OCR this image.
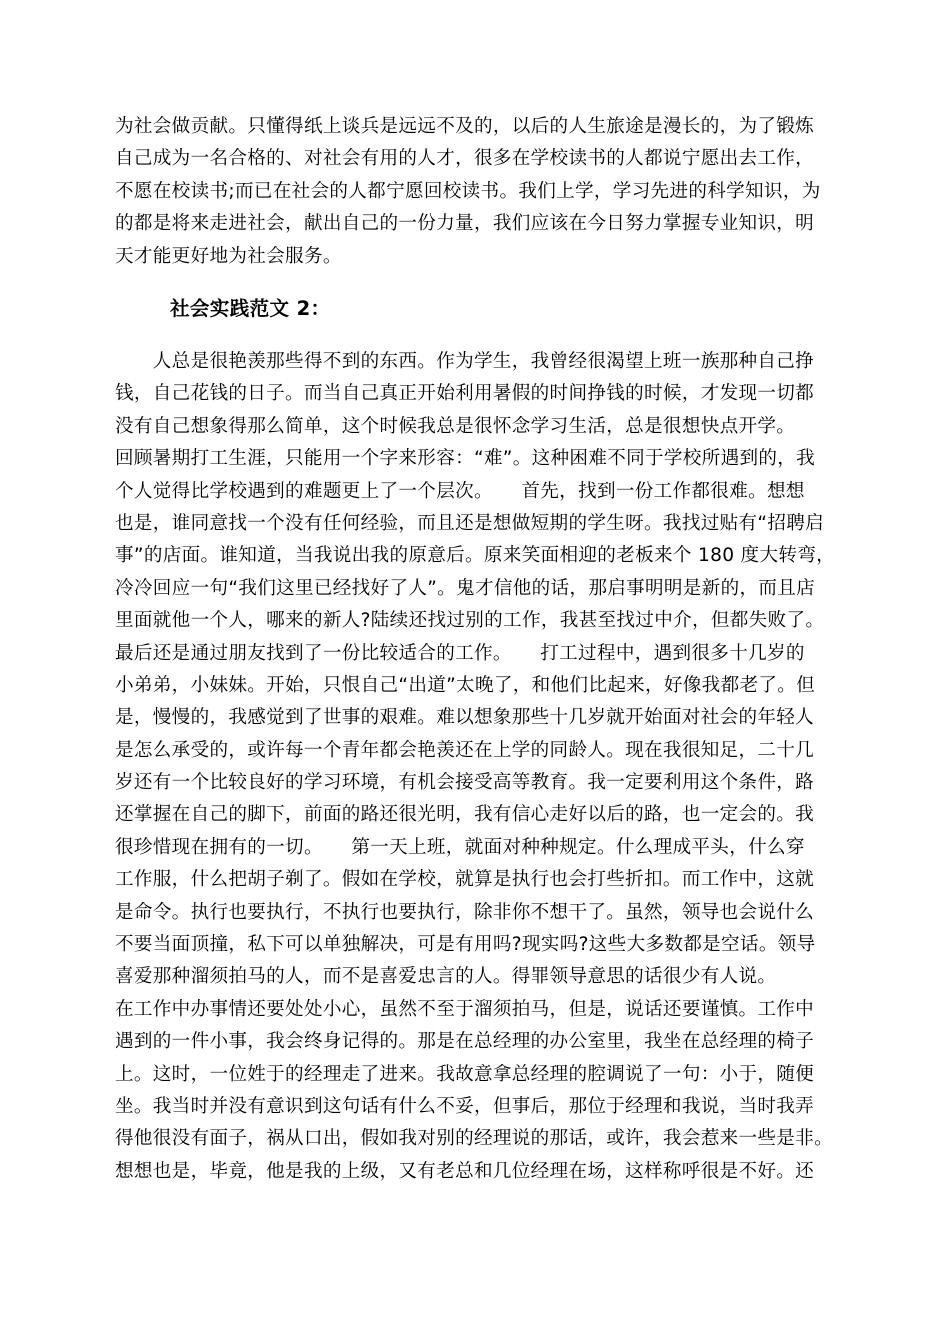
为社会做贡献。只懂得纸上谈兵是远远不及的，以后的人生旅途是漫长的，为了锻炼
自己成为一名合格的、对社会有用的人才，很多在学校读书的人都说宁愿出去工作，
不愿在校读书;而已在社会的人都宁愿回校读书。我们上学，学习先进的科学知识，为
的都是将来走进社会，献出自己的一份力量，我们应该在今日努力掌握专业知识，明
天才能更好地为社会服务。
社会实践范文 2：
　　人总是很艳羡那些得不到的东西。作为学生，我曾经很渴望上班一族那种自己挣
钱，自己花钱的日子。而当自己真正开始利用暑假的时间挣钱的时候，才发现一切都
没有自己想象得那么简单，这个时候我总是很怀念学习生活，总是很想快点开学。
回顾暑期打工生涯，只能用一个字来形容：“难”。这种困难不同于学校所遇到的，我
个人觉得比学校遇到的难题更上了一个层次。　　首先，找到一份工作都很难。想想
也是，谁同意找一个没有任何经验，而且还是想做短期的学生呀。我找过贴有“招聘启
事”的店面。谁知道，当我说出我的原意后。原来笑面相迎的老板来个 180 度大转弯，
冷冷回应一句“我们这里已经找好了人”。鬼才信他的话，那启事明明是新的，而且店
里面就他一个人，哪来的新人?陆续还找过别的工作，我甚至找过中介，但都失败了。
最后还是通过朋友找到了一份比较适合的工作。　　打工过程中，遇到很多十几岁的
小弟弟，小妹妹。开始，只恨自己“出道”太晚了，和他们比起来，好像我都老了。但
是，慢慢的，我感觉到了世事的艰难。难以想象那些十几岁就开始面对社会的年轻人
是怎么承受的，或许每一个青年都会艳羡还在上学的同龄人。现在我很知足，二十几
岁还有一个比较良好的学习环境，有机会接受高等教育。我一定要利用这个条件，路
还掌握在自己的脚下，前面的路还很光明，我有信心走好以后的路，也一定会的。我
很珍惜现在拥有的一切。　　第一天上班，就面对种种规定。什么理成平头，什么穿
工作服，什么把胡子剃了。假如在学校，就算是执行也会打些折扣。而工作中，这就
是命令。执行也要执行，不执行也要执行，除非你不想干了。虽然，领导也会说什么
不要当面顶撞，私下可以单独解决，可是有用吗?现实吗?这些大多数都是空话。领导
喜爱那种溜须拍马的人，而不是喜爱忠言的人。得罪领导意思的话很少有人说。
在工作中办事情还要处处小心，虽然不至于溜须拍马，但是，说话还要谨慎。工作中
遇到的一件小事，我会终身记得的。那是在总经理的办公室里，我坐在总经理的椅子
上。这时，一位姓于的经理走了进来。我故意拿总经理的腔调说了一句：小于，随便
坐。我当时并没有意识到这句话有什么不妥，但事后，那位于经理和我说，当时我弄
得他很没有面子，祸从口出，假如我对别的经理说的那话，或许，我会惹来一些是非。
想想也是，毕竟，他是我的上级，又有老总和几位经理在场，这样称呼很是不好。还
